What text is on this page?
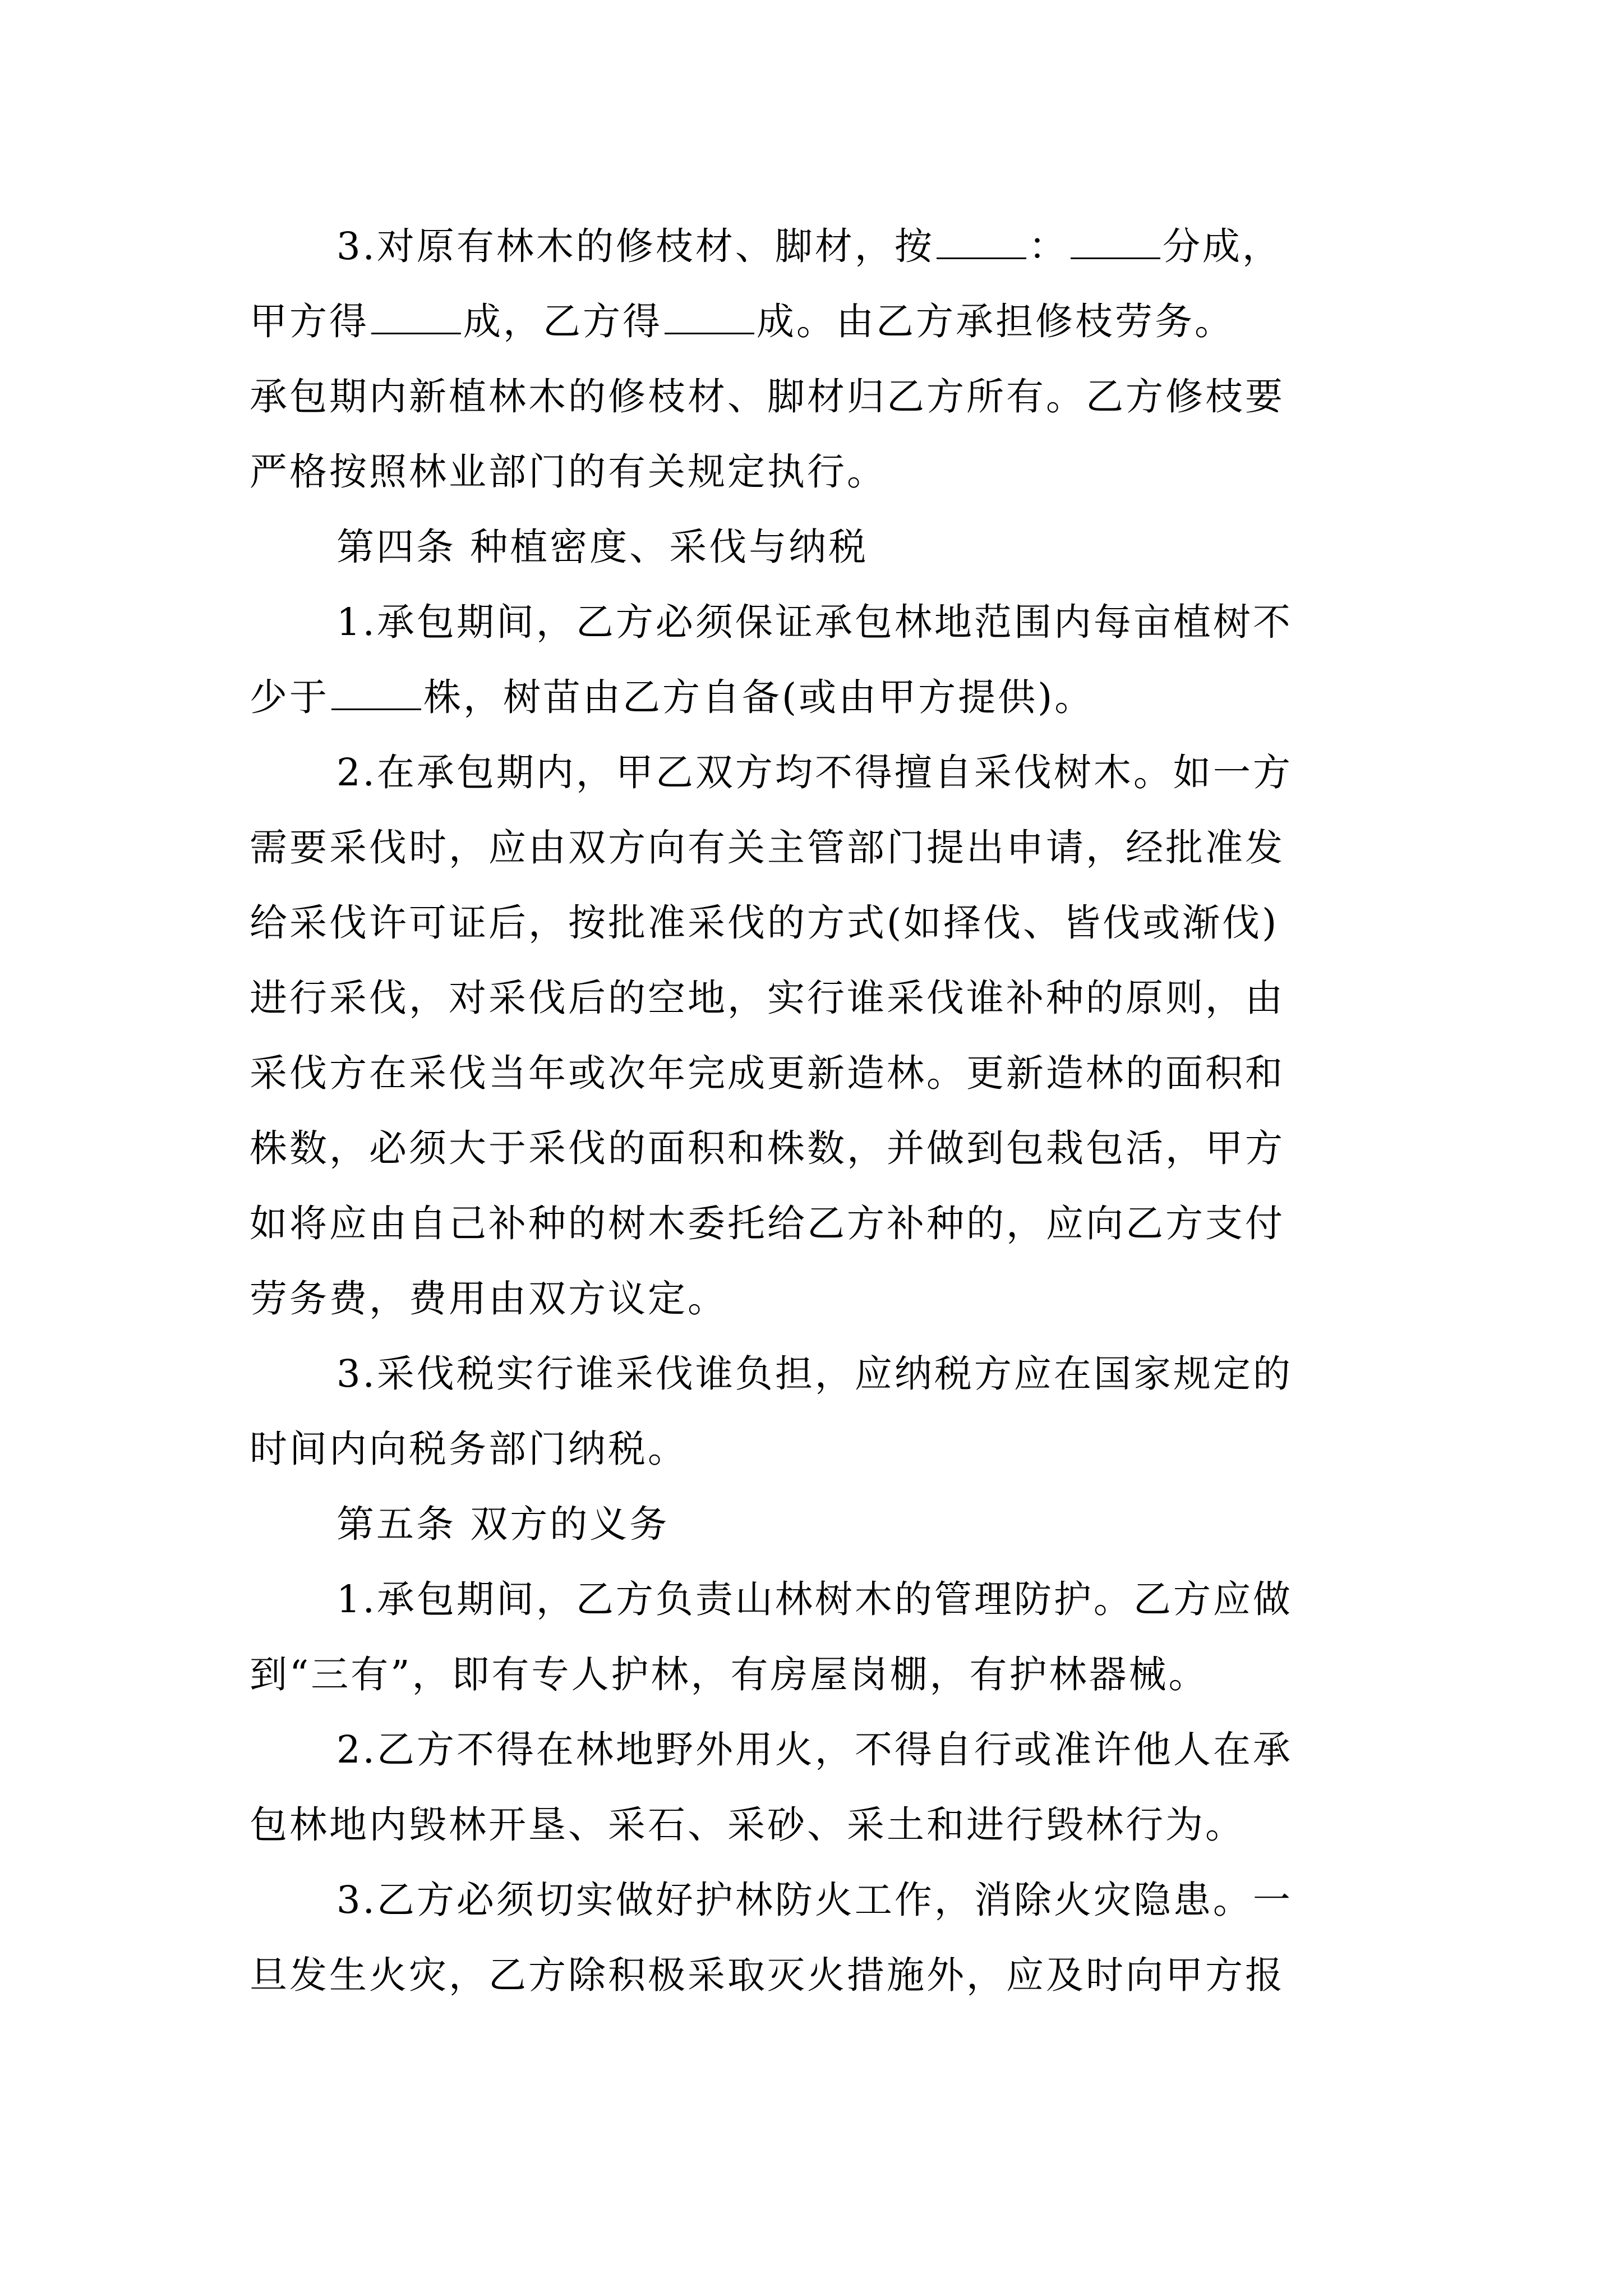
3.对原有林木的修枝材、脚材，按	：	分成，
甲方得	成，乙方得	成。由乙方承担修枝劳务。
承包期内新植林木的修枝材、脚材归乙方所有。乙方修枝要
严格按照林业部门的有关规定执行。
第四条 种植密度、采伐与纳税
1.承包期间，乙方必须保证承包林地范围内每亩植树不
少于	株，树苗由乙方自备(或由甲方提供)。
2.在承包期内，甲乙双方均不得擅自采伐树木。如一方
需要采伐时，应由双方向有关主管部门提出申请，经批准发
给采伐许可证后，按批准采伐的方式(如择伐、皆伐或渐伐)
进行采伐，对采伐后的空地，实行谁采伐谁补种的原则，由
采伐方在采伐当年或次年完成更新造林。更新造林的面积和
株数，必须大于采伐的面积和株数，并做到包栽包活，甲方
如将应由自己补种的树木委托给乙方补种的，应向乙方支付
劳务费，费用由双方议定。
3.采伐税实行谁采伐谁负担，应纳税方应在国家规定的
时间内向税务部门纳税。
第五条 双方的义务
1.承包期间，乙方负责山林树木的管理防护。乙方应做
到“三有”，即有专人护林，有房屋岗棚，有护林器械。
2.乙方不得在林地野外用火，不得自行或准许他人在承
包林地内毁林开垦、采石、采砂、采土和进行毁林行为。
3.乙方必须切实做好护林防火工作，消除火灾隐患。一
旦发生火灾，乙方除积极采取灭火措施外，应及时向甲方报
